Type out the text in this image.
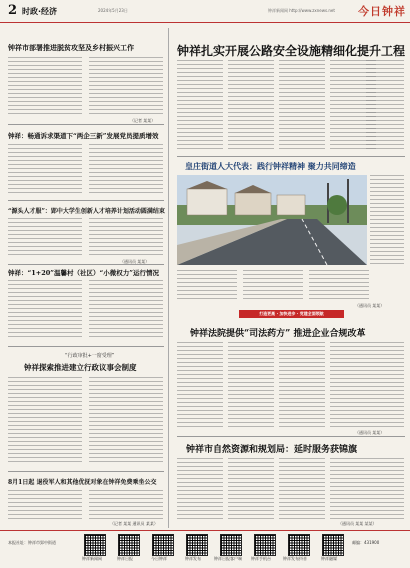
2 时政·经济	2024年5月23日	钟祥新闻网 http://www.zxnews.net 今日钟祥
钟祥市部署推进脱贫攻坚及乡村振兴工作
（记者 某某）
钟祥：畅通诉求渠道下“两企三新”发展党员提质增效
“源头人才服”：郢中大学生创新人才培养计划活动圆满结束
（通讯员 某某）
钟祥：“1+20”温馨村（社区）“小微权力”运行情况
“行政审批+一窗受理”
钟祥探索推进建立行政议事会制度
8月1日起 退役军人和其他优抚对象在钟祥免费乘坐公交
（记者 某某 通讯员 某某）
钟祥扎实开展公路安全设施精细化提升工程
皇庄街道人大代表：践行钟祥精神 聚力共同缔造
（通讯员 某某）
打造更高 · 加快进步 · 党建全面领航
钟祥法院提供“司法药方” 推进企业合规改革
（通讯员 某某）
钟祥市自然资源和规划局：延时服务获锦旗
（通讯员 某某 某某）
本报社址：钟祥市郢中街道
钟祥新闻网	钟祥日报	今日钟祥	钟祥发布	钟祥日报客户端 钟祥手机台	钟祥发布抖音	钟祥融媒
邮编：431900
